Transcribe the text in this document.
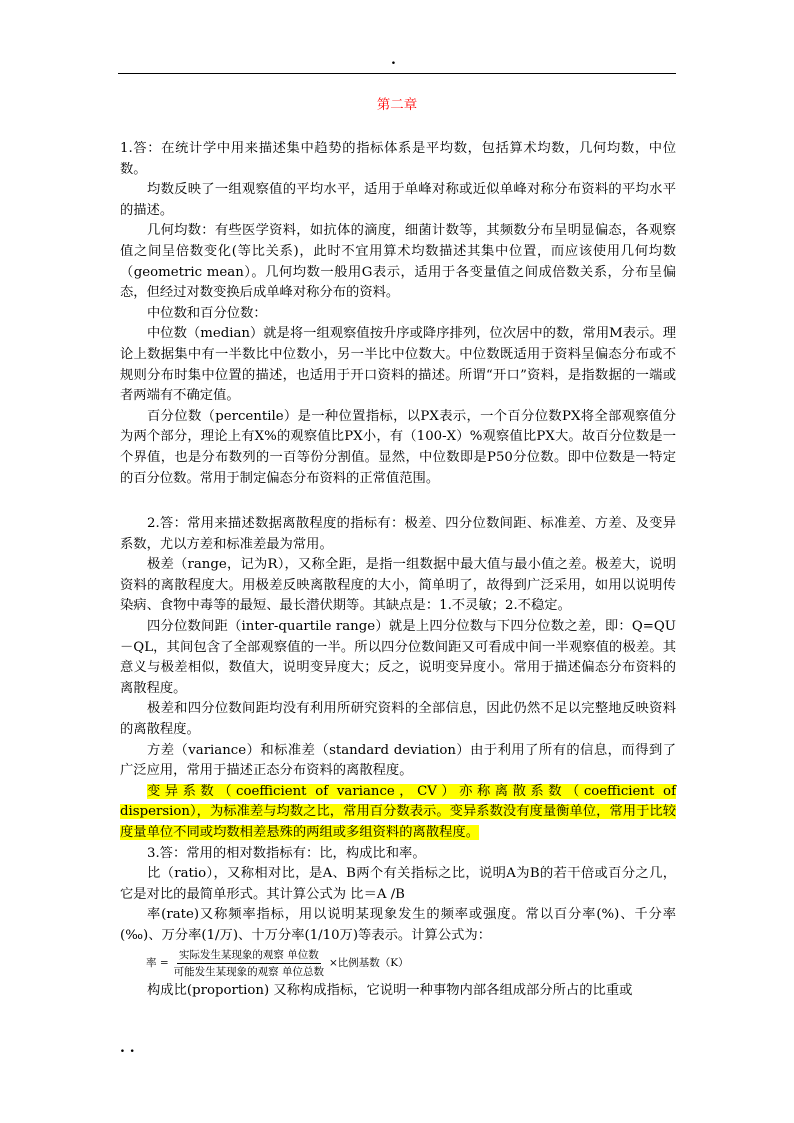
.
第二章

1.答：在统计学中用来描述集中趋势的指标体系是平均数，包括算术均数，几何均数，中位数。

均数反映了一组观察值的平均水平，适用于单峰对称或近似单峰对称分布资料的平均水平的描述。

几何均数：有些医学资料，如抗体的滴度，细菌计数等，其频数分布呈明显偏态，各观察值之间呈倍数变化(等比关系)，此时不宜用算术均数描述其集中位置，而应该使用几何均数（geometric mean）。几何均数一般用G表示，适用于各变量值之间成倍数关系，分布呈偏态，但经过对数变换后成单峰对称分布的资料。

中位数和百分位数：

中位数（median）就是将一组观察值按升序或降序排列，位次居中的数，常用M表示。理论上数据集中有一半数比中位数小，另一半比中位数大。中位数既适用于资料呈偏态分布或不规则分布时集中位置的描述，也适用于开口资料的描述。所谓“开口”资料，是指数据的一端或者两端有不确定值。

百分位数（percentile）是一种位置指标，以PX表示，一个百分位数PX将全部观察值分为两个部分，理论上有X%的观察值比PX小，有（100-X）%观察值比PX大。故百分位数是一个界值，也是分布数列的一百等份分割值。显然，中位数即是P50分位数。即中位数是一特定的百分位数。常用于制定偏态分布资料的正常值范围。

2.答：常用来描述数据离散程度的指标有：极差、四分位数间距、标准差、方差、及变异系数，尤以方差和标准差最为常用。

极差（range，记为R），又称全距，是指一组数据中最大值与最小值之差。极差大，说明资料的离散程度大。用极差反映离散程度的大小，简单明了，故得到广泛采用，如用以说明传染病、食物中毒等的最短、最长潜伏期等。其缺点是：1.不灵敏；2.不稳定。

四分位数间距（inter-quartile range）就是上四分位数与下四分位数之差，即：Q=QU－QL，其间包含了全部观察值的一半。所以四分位数间距又可看成中间一半观察值的极差。其意义与极差相似，数值大，说明变异度大；反之，说明变异度小。常用于描述偏态分布资料的离散程度。

极差和四分位数间距均没有利用所研究资料的全部信息，因此仍然不足以完整地反映资料的离散程度。

方差（variance）和标准差（standard deviation）由于利用了所有的信息，而得到了广泛应用，常用于描述正态分布资料的离散程度。

变异系数（coefficient of variance，CV）亦称离散系数（coefficient of dispersion），为标准差与均数之比，常用百分数表示。变异系数没有度量衡单位，常用于比较度量单位不同或均数相差悬殊的两组或多组资料的离散程度。

3.答：常用的相对数指标有：比，构成比和率。

比（ratio），又称相对比，是A、B两个有关指标之比，说明A为B的若干倍或百分之几，它是对比的最简单形式。其计算公式为 比＝A /B

率(rate)又称频率指标，用以说明某现象发生的频率或强度。常以百分率(%)、千分率(‰)、万分率(1/万)、十万分率(1/10万)等表示。计算公式为：

率 = $\frac{\text{实际发生某现象的观察 单位数}}{\text{可能发生某现象的观察 单位总数}}$ ×比例基数（K）

构成比(proportion) 又称构成指标，它说明一种事物内部各组成部分所占的比重或

. .
